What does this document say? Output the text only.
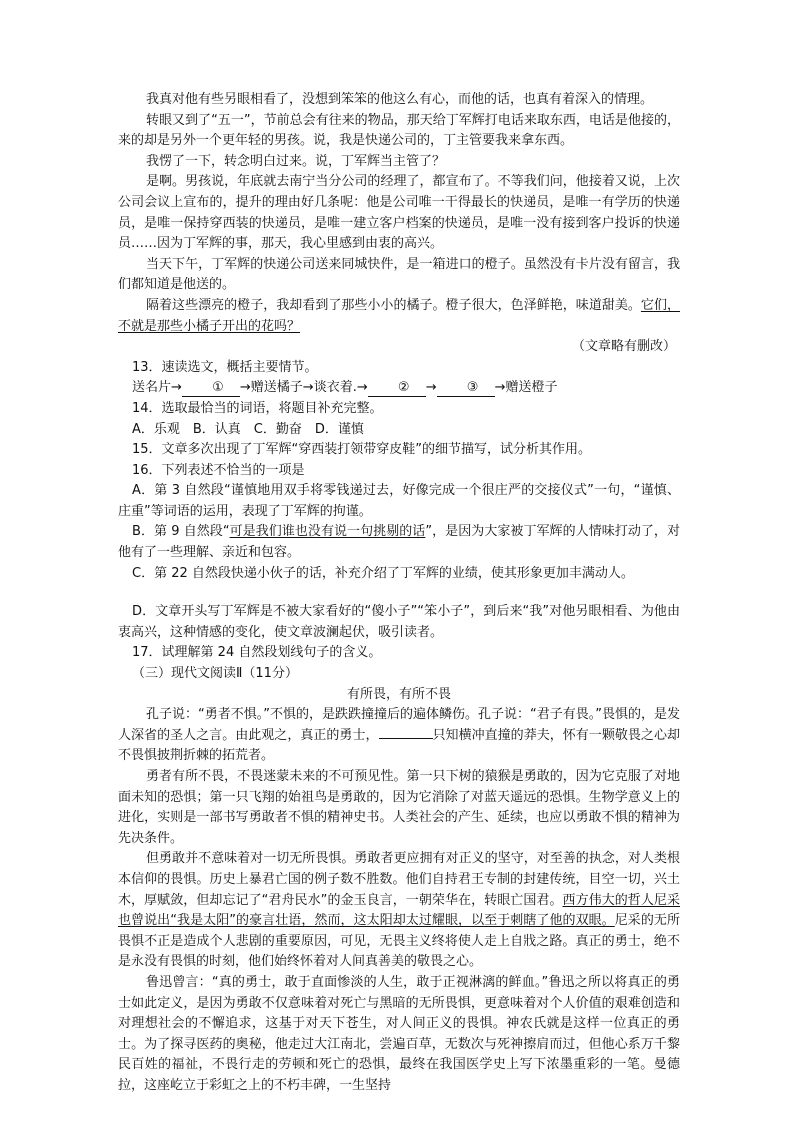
我真对他有些另眼相看了，没想到笨笨的他这么有心，而他的话，也真有着深入的情理。

转眼又到了“五一”，节前总会有往来的物品，那天给丁军辉打电话来取东西，电话是他接的，来的却是另外一个更年轻的男孩。说，我是快递公司的，丁主管要我来拿东西。

我愣了一下，转念明白过来。说，丁军辉当主管了？

是啊。男孩说，年底就去南宁当分公司的经理了，都宣布了。不等我们问，他接着又说，上次公司会议上宣布的，提升的理由好几条呢：他是公司唯一干得最长的快递员，是唯一有学历的快递员，是唯一保持穿西装的快递员，是唯一建立客户档案的快递员，是唯一没有接到客户投诉的快递员……因为丁军辉的事，那天，我心里感到由衷的高兴。

当天下午，丁军辉的快递公司送来同城快件，是一箱进口的橙子。虽然没有卡片没有留言，我们都知道是他送的。

隔着这些漂亮的橙子，我却看到了那些小小的橘子。橙子很大，色泽鲜艳，味道甜美。它们，不就是那些小橘子开出的花吗？

（文章略有删改）

13．速读选文，概括主要情节。

送名片→ ① →赠送橘子→谈衣着.→ ② → ③ →赠送橙子

14．选取最恰当的词语，将题目补充完整。

A．乐观　B．认真　C．勤奋　D．谨慎

15．文章多次出现了丁军辉“穿西装打领带穿皮鞋”的细节描写，试分析其作用。

16．下列表述不恰当的一项是

A．第 3 自然段“谨慎地用双手将零钱递过去，好像完成一个很庄严的交接仪式”一句，“谨慎、庄重”等词语的运用，表现了丁军辉的拘谨。

B．第 9 自然段“可是我们谁也没有说一句挑剔的话”，是因为大家被丁军辉的人情味打动了，对他有了一些理解、亲近和包容。

C．第 22 自然段快递小伙子的话，补充介绍了丁军辉的业绩，使其形象更加丰满动人。

D．文章开头写丁军辉是不被大家看好的“傻小子”“笨小子”，到后来“我”对他另眼相看、为他由衷高兴，这种情感的变化，使文章波澜起伏，吸引读者。

17．试理解第 24 自然段划线句子的含义。

（三）现代文阅读Ⅱ（11分）

有所畏，有所不畏

孔子说：“勇者不惧。”不惧的，是跌跌撞撞后的遍体鳞伤。孔子说：“君子有畏。”畏惧的，是发人深省的圣人之言。由此观之，真正的勇士，	只知横冲直撞的莽夫，怀有一颗敬畏之心却不畏惧披荆折棘的拓荒者。

勇者有所不畏，不畏迷蒙未来的不可预见性。第一只下树的猿猴是勇敢的，因为它克服了对地面未知的恐惧；第一只飞翔的始祖鸟是勇敢的，因为它消除了对蓝天遥远的恐惧。生物学意义上的进化，实则是一部书写勇敢者不惧的精神史书。人类社会的产生、延续，也应以勇敢不惧的精神为先决条件。

但勇敢并不意味着对一切无所畏惧。勇敢者更应拥有对正义的坚守，对至善的执念，对人类根本信仰的畏惧。历史上暴君亡国的例子数不胜数。他们自持君王专制的封建传统，目空一切，兴土木，厚赋敛，但却忘记了“君舟民水”的金玉良言，一朝荣华在，转眼亡国君。西方伟大的哲人尼采也曾说出“我是太阳”的豪言壮语，然而，这太阳却太过耀眼，以至于刺瞎了他的双眼。尼采的无所畏惧不正是造成个人悲剧的重要原因，可见，无畏主义终将使人走上自戕之路。真正的勇士，绝不是永没有畏惧的时刻，他们始终怀着对人间真善美的敬畏之心。

鲁迅曾言：“真的勇士，敢于直面惨淡的人生，敢于正视淋漓的鲜血。”鲁迅之所以将真正的勇士如此定义，是因为勇敢不仅意味着对死亡与黑暗的无所畏惧，更意味着对个人价值的艰难创造和对理想社会的不懈追求，这基于对天下苍生，对人间正义的畏惧。神农氏就是这样一位真正的勇士。为了探寻医药的奥秘，他走过大江南北，尝遍百草，无数次与死神擦肩而过，但他心系万千黎民百姓的福祉，不畏行走的劳顿和死亡的恐惧，最终在我国医学史上写下浓墨重彩的一笔。曼德拉，这座屹立于彩虹之上的不朽丰碑，一生坚持
